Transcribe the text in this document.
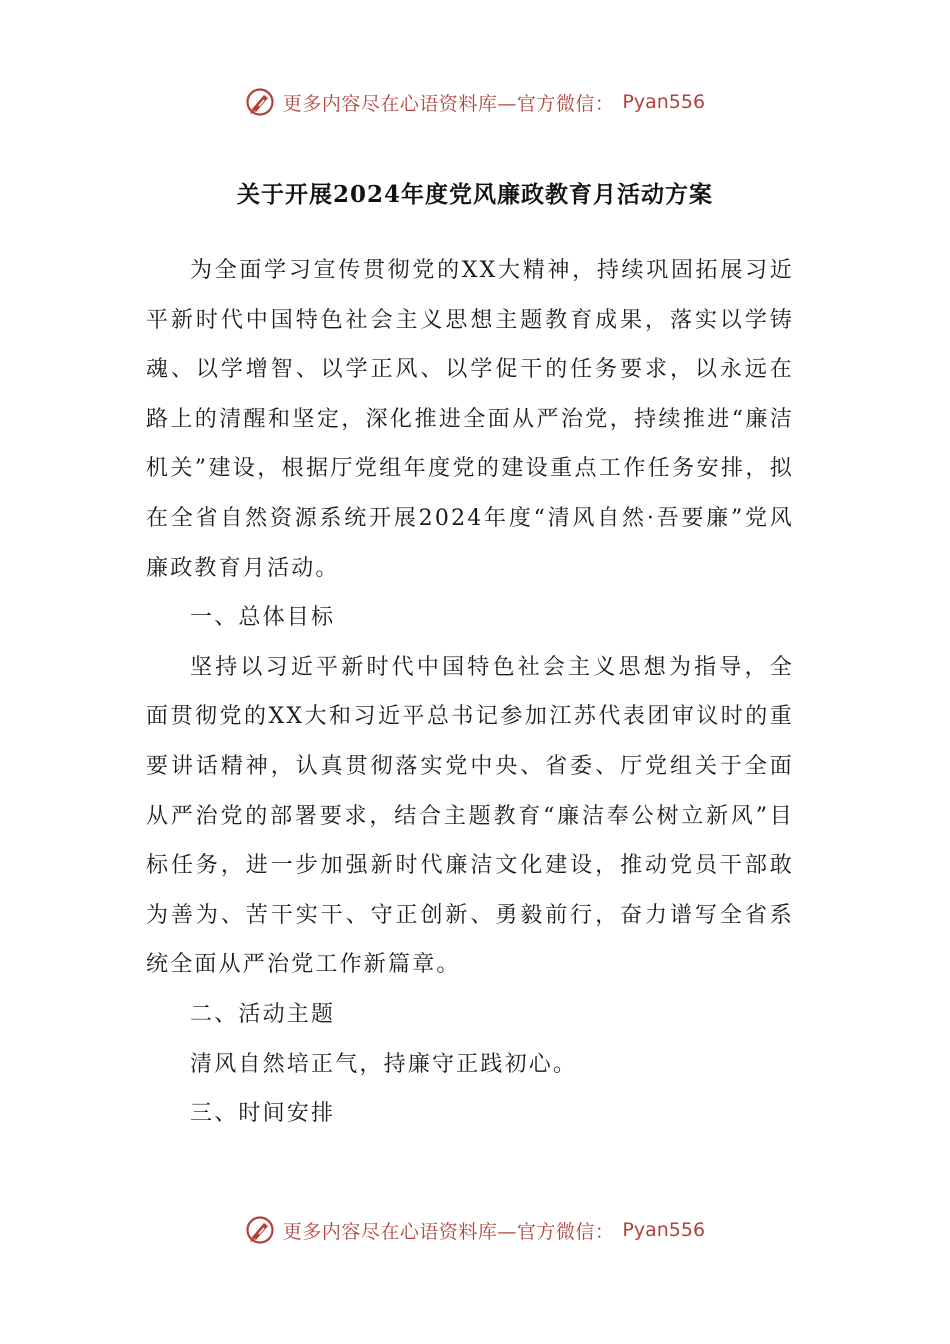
更多内容尽在心语资料库—官方微信： Pyan556
关于开展2024年度党风廉政教育月活动方案

为全面学习宣传贯彻党的XX大精神，持续巩固拓展习近平新时代中国特色社会主义思想主题教育成果，落实以学铸魂、以学增智、以学正风、以学促干的任务要求，以永远在路上的清醒和坚定，深化推进全面从严治党，持续推进“廉洁机关”建设，根据厅党组年度党的建设重点工作任务安排，拟在全省自然资源系统开展2024年度“清风自然·吾要廉”党风廉政教育月活动。

一、总体目标

坚持以习近平新时代中国特色社会主义思想为指导，全面贯彻党的XX大和习近平总书记参加江苏代表团审议时的重要讲话精神，认真贯彻落实党中央、省委、厅党组关于全面从严治党的部署要求，结合主题教育“廉洁奉公树立新风”目标任务，进一步加强新时代廉洁文化建设，推动党员干部敢为善为、苦干实干、守正创新、勇毅前行，奋力谱写全省系统全面从严治党工作新篇章。

二、活动主题

清风自然培正气，持廉守正践初心。

三、时间安排

更多内容尽在心语资料库—官方微信： Pyan556
